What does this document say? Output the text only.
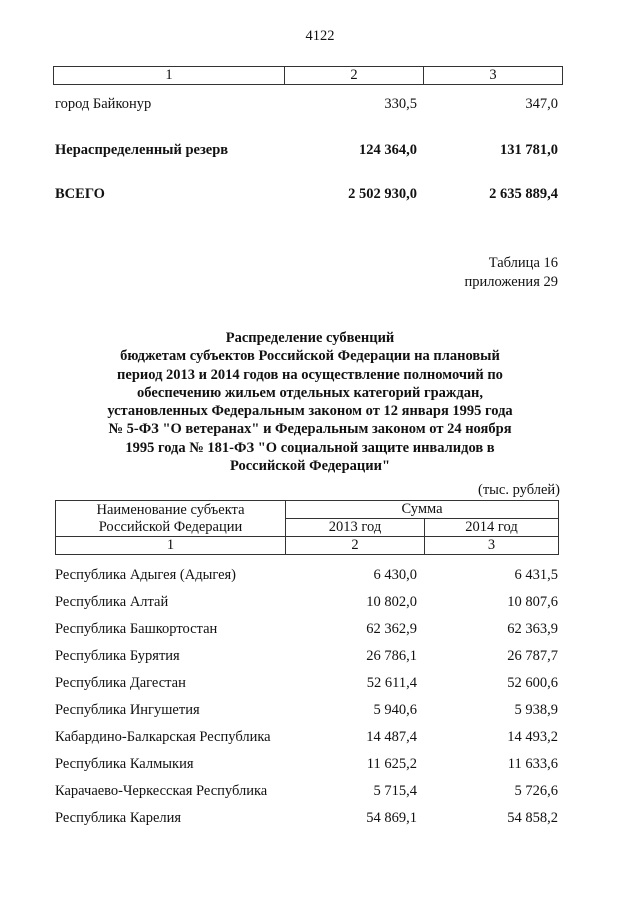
4122
1	2	3
город Байконур	330,5	347,0
Нераспределенный резерв	124 364,0	131 781,0
ВСЕГО	2 502 930,0	2 635 889,4
Таблица 16
приложения 29
Распределение субвенций
бюджетам субъектов Российской Федерации на плановый
период 2013 и 2014 годов на осуществление полномочий по
обеспечению жильем отдельных категорий граждан,
установленных Федеральным законом от 12 января 1995 года
№ 5-ФЗ "О ветеранах" и Федеральным законом от 24 ноября
1995 года № 181-ФЗ "О социальной защите инвалидов в
Российской Федерации"
(тыс. рублей)
Наименование субъекта
Российской Федерации	Сумма	
	2013 год	2014 год
1	2	3
Республика Адыгея (Адыгея)	6 430,0	6 431,5
Республика Алтай	10 802,0	10 807,6
Республика Башкортостан	62 362,9	62 363,9
Республика Бурятия	26 786,1	26 787,7
Республика Дагестан	52 611,4	52 600,6
Республика Ингушетия	5 940,6	5 938,9
Кабардино-Балкарская Республика	14 487,4	14 493,2
Республика Калмыкия	11 625,2	11 633,6
Карачаево-Черкесская Республика	5 715,4	5 726,6
Республика Карелия	54 869,1	54 858,2
